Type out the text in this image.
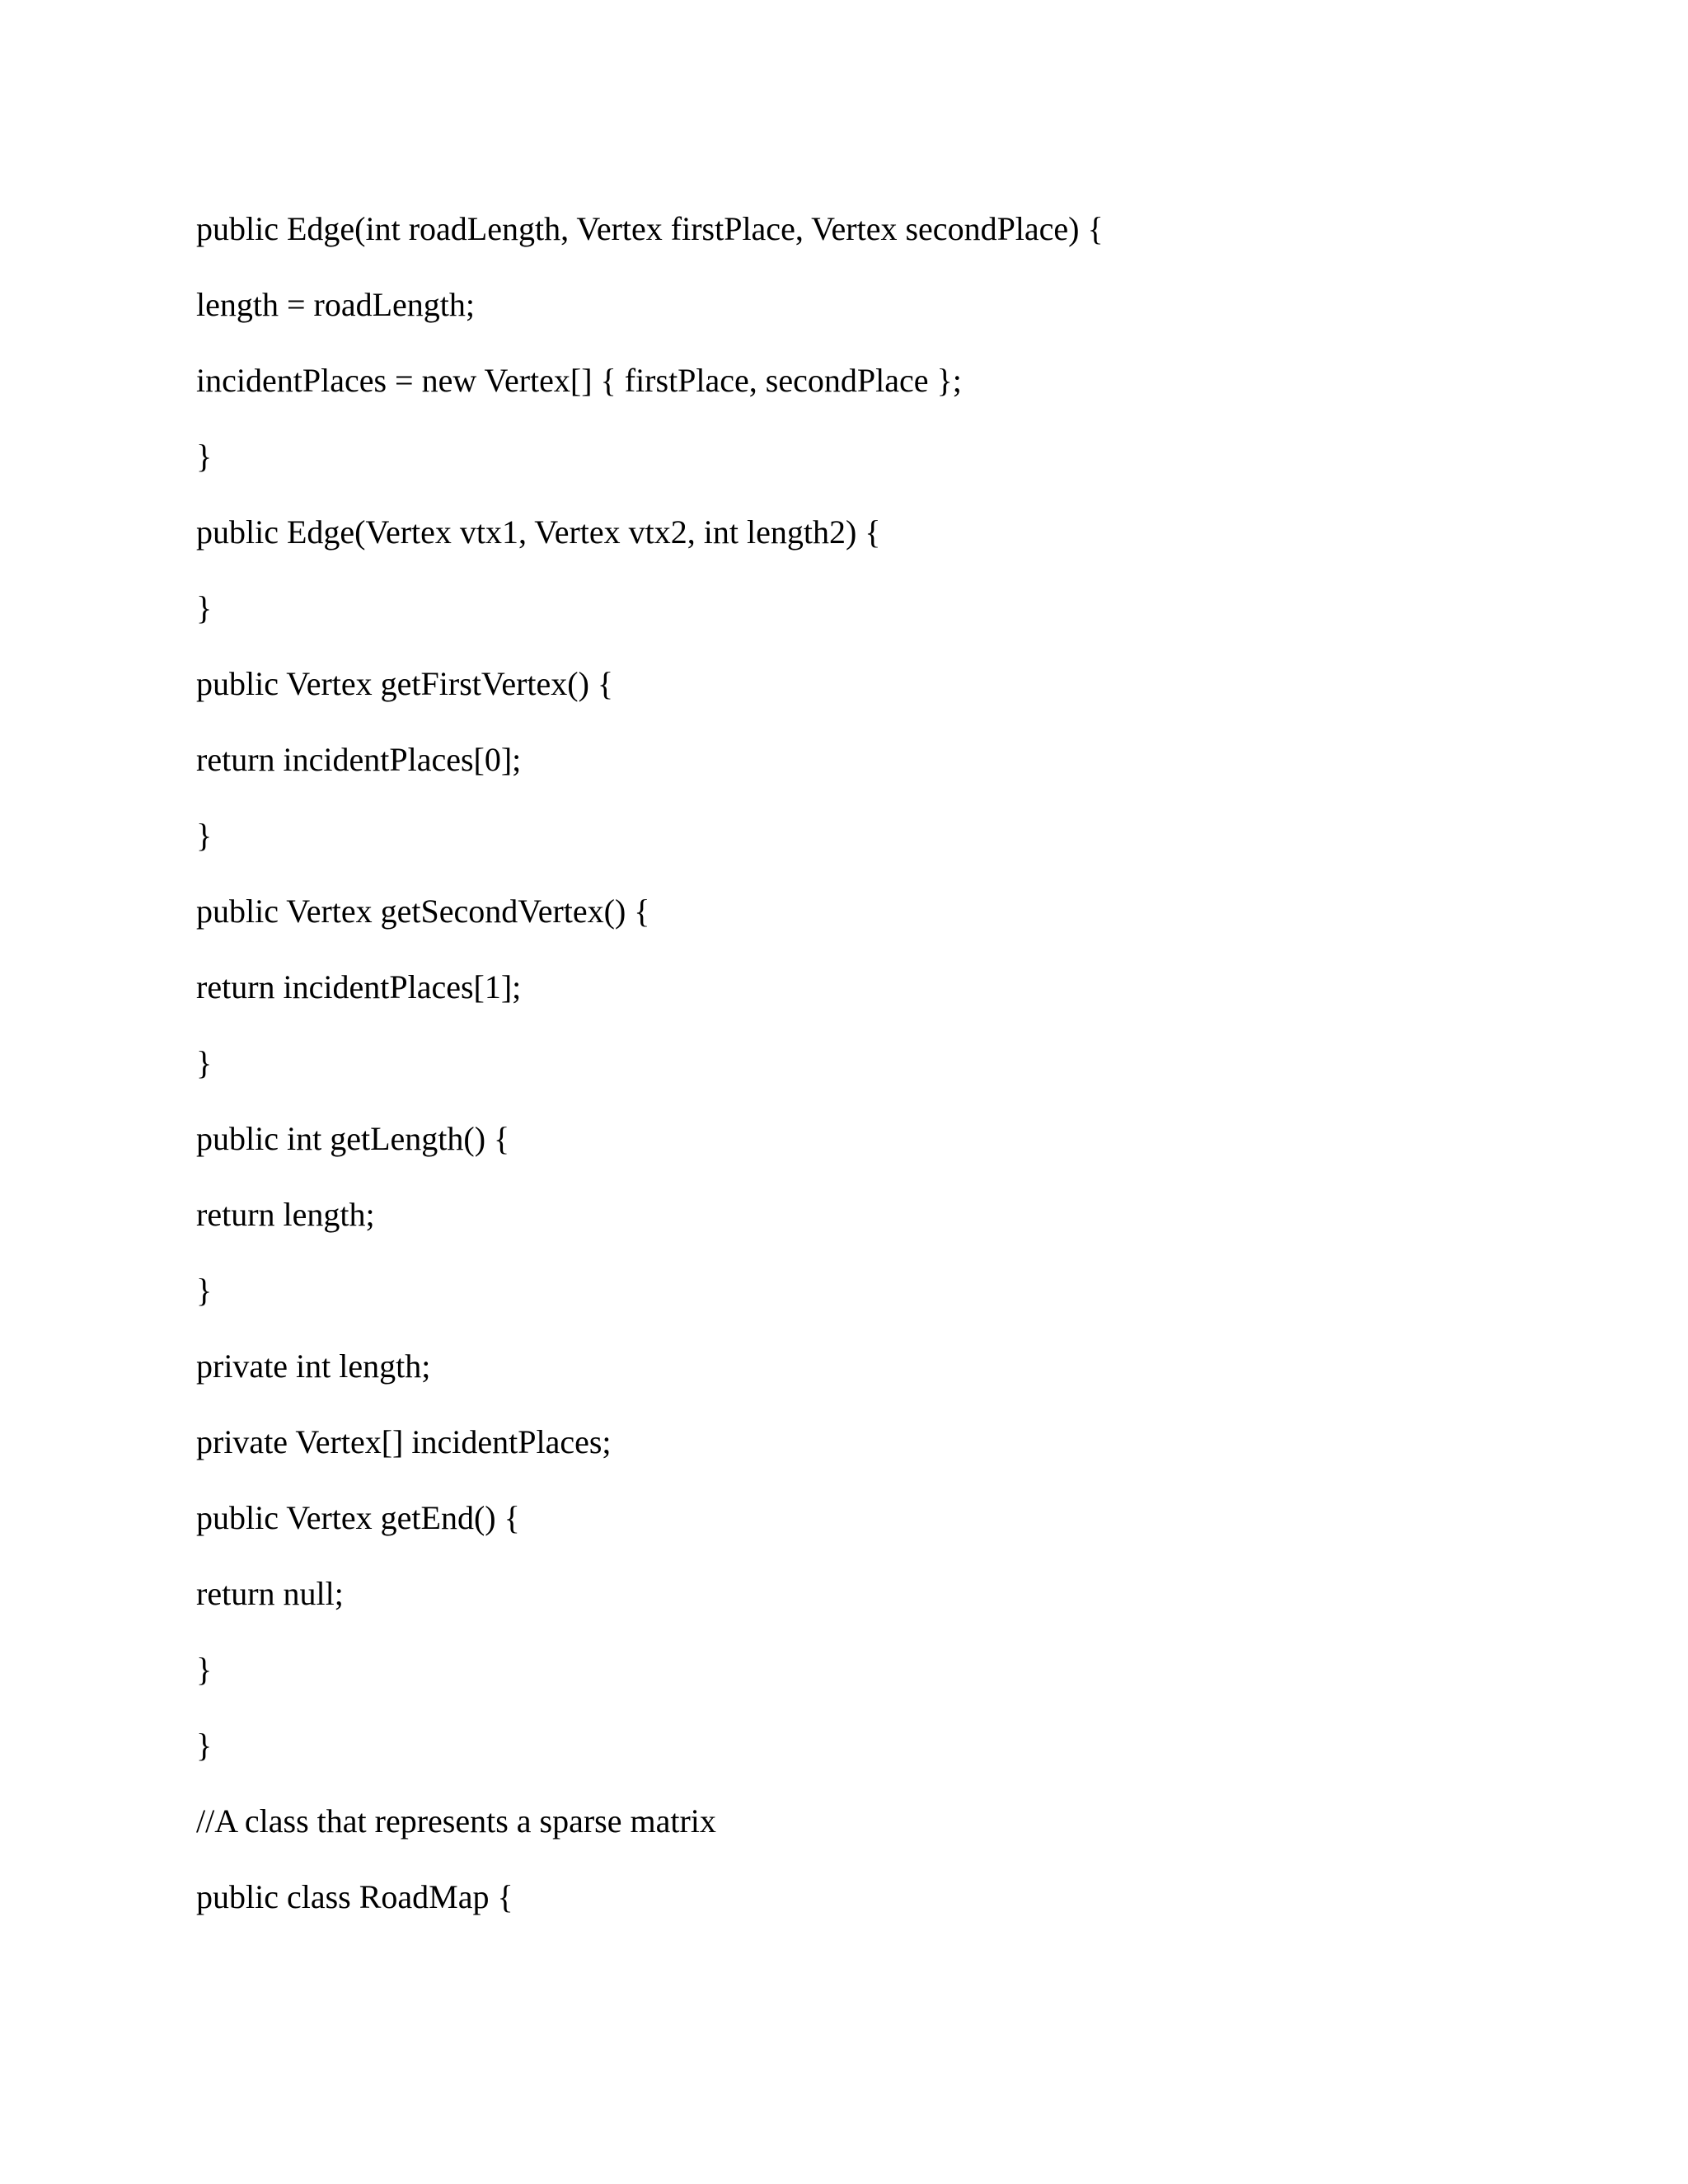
public Edge(int roadLength, Vertex firstPlace, Vertex secondPlace) {
length = roadLength;
incidentPlaces = new Vertex[] { firstPlace, secondPlace };
}
public Edge(Vertex vtx1, Vertex vtx2, int length2) {
}
public Vertex getFirstVertex() {
return incidentPlaces[0];
}
public Vertex getSecondVertex() {
return incidentPlaces[1];
}
public int getLength() {
return length;
}
private int length;
private Vertex[] incidentPlaces;
public Vertex getEnd() {
return null;
}
}
//A class that represents a sparse matrix
public class RoadMap {
